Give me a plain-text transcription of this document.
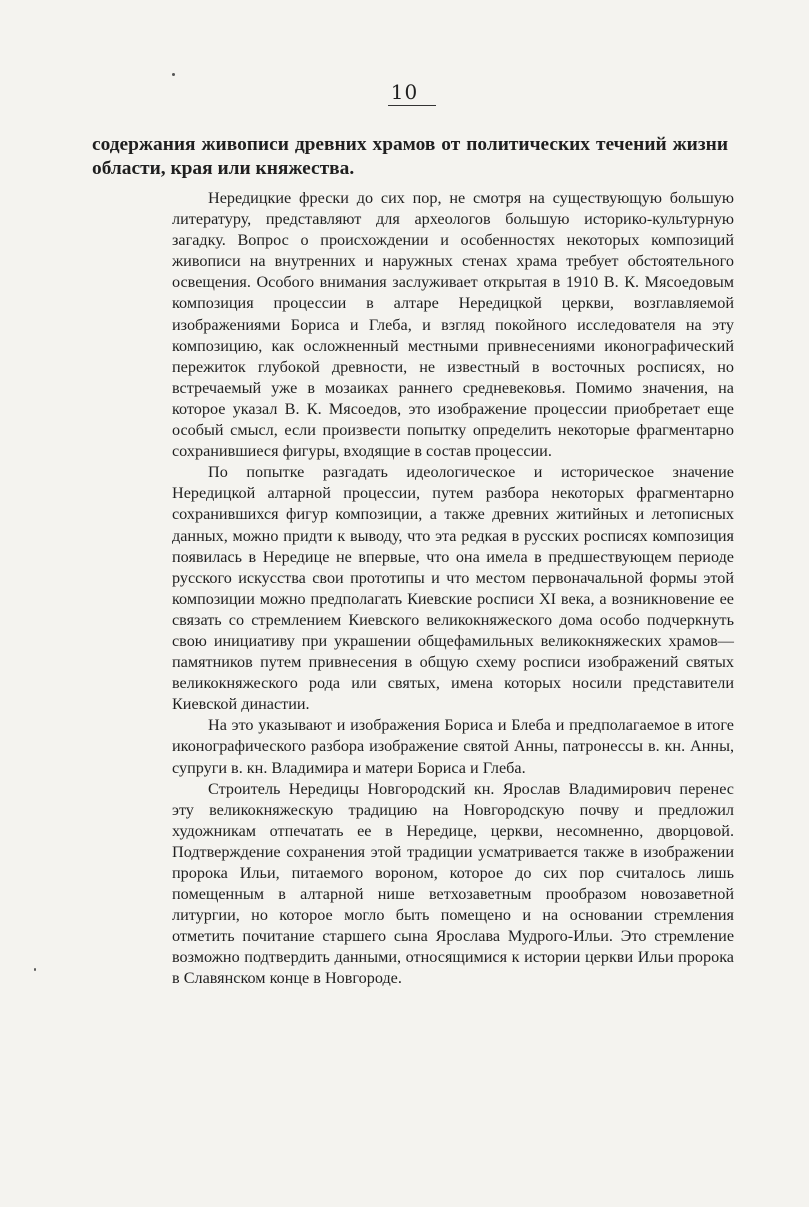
10
содержания живописи древних храмов от политических течений жизни области, края или княжества.

Нередицкие фрески до сих пор, не смотря на существующую большую литературу, представляют для археологов большую историко-культурную загадку. Вопрос о происхождении и особенностях некоторых композиций живописи на внутренних и наружных стенах храма требует обстоятельного освещения. Особого внимания заслуживает открытая в 1910 В. К. Мясоедовым композиция процессии в алтаре Нередицкой церкви, возглавляемой изображениями Бориса и Глеба, и взгляд покойного исследователя на эту композицию, как осложненный местными привнесениями иконографический пережиток глубокой древности, не известный в восточных росписях, но встречаемый уже в мозаиках раннего средневековья. Помимо значения, на которое указал В. К. Мясоедов, это изображение процессии приобретает еще особый смысл, если произвести попытку определить некоторые фрагментарно сохранившиеся фигуры, входящие в состав процессии.

По попытке разгадать идеологическое и историческое значение Нередицкой алтарной процессии, путем разбора некоторых фрагментарно сохранившихся фигур композиции, а также древних житийных и летописных данных, можно придти к выводу, что эта редкая в русских росписях композиция появилась в Нередице не впервые, что она имела в предшествующем периоде русского искусства свои прототипы и что местом первоначальной формы этой композиции можно предполагать Киевские росписи XI века, а возникновение ее связать со стремлением Киевского великокняжеского дома особо подчеркнуть свою инициативу при украшении общефамильных великокняжеских храмов—памятников путем привнесения в общую схему росписи изображений святых великокняжеского рода или святых, имена которых носили представители Киевской династии.

На это указывают и изображения Бориса и Блеба и предполагаемое в итоге иконографического разбора изображение святой Анны, патронессы в. кн. Анны, супруги в. кн. Владимира и матери Бориса и Глеба.

Строитель Нередицы Новгородский кн. Ярослав Владимирович перенес эту великокняжескую традицию на Новгородскую почву и предложил художникам отпечатать ее в Нередице, церкви, несомненно, дворцовой. Подтверждение сохранения этой традиции усматривается также в изображении пророка Ильи, питаемого вороном, которое до сих пор считалось лишь помещенным в алтарной нише ветхозаветным прообразом новозаветной литургии, но которое могло быть помещено и на основании стремления отметить почитание старшего сына Ярослава Мудрого-Ильи. Это стремление возможно подтвердить данными, относящимися к истории церкви Ильи пророка в Славянском конце в Новгороде.
